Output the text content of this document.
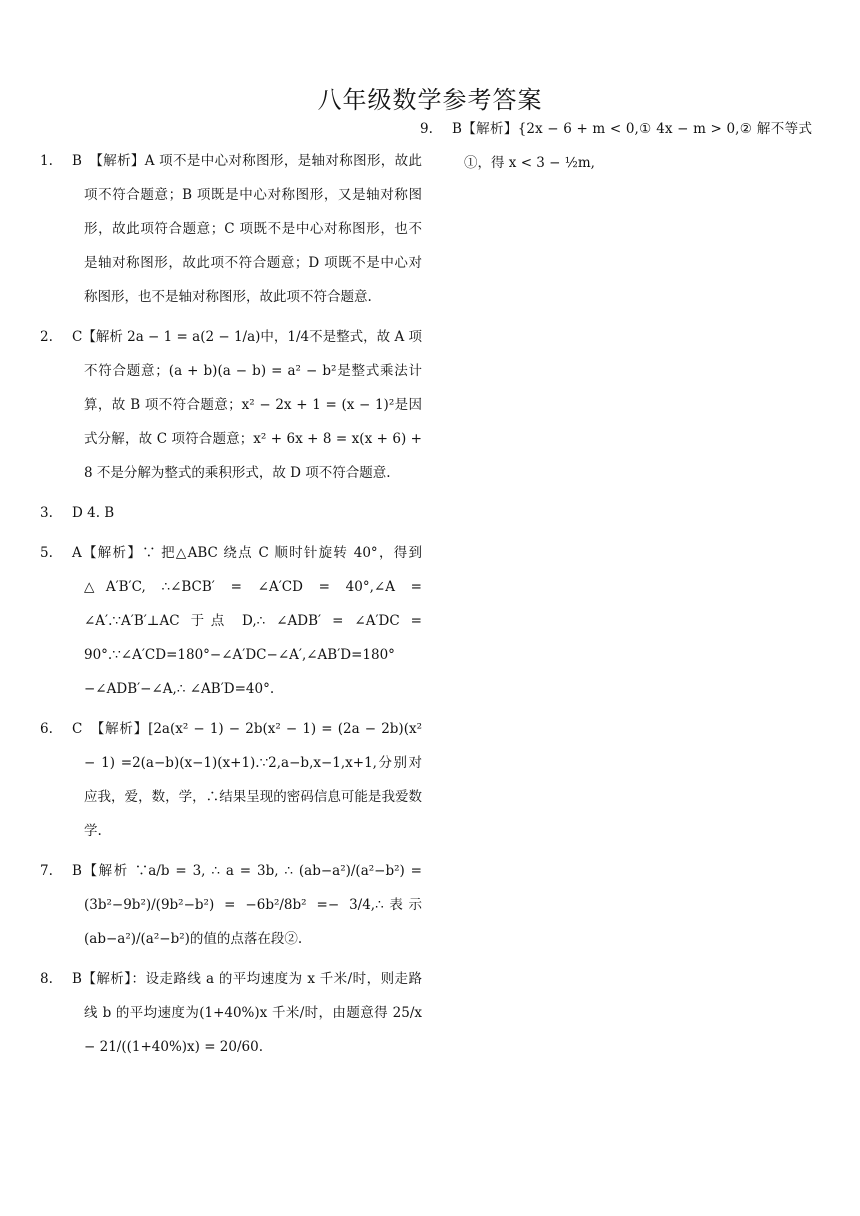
八年级数学参考答案

1. B　【解析】A 项不是中心对称图形，是轴对称图形，故此项不符合题意；B 项既是中心对称图形，又是轴对称图形，故此项符合题意；C 项既不是中心对称图形，也不是轴对称图形，故此项不符合题意；D 项既不是中心对称图形，也不是轴对称图形，故此项不符合题意.

2. C【解析 2a − 1 = a(2 − 1/a)中，1/4不是整式，故 A 项不符合题意；(a + b)(a − b) = a² − b²是整式乘法计算，故 B 项不符合题意；x² − 2x + 1 = (x − 1)²是因式分解，故 C 项符合题意；x² + 6x + 8 = x(x + 6) + 8 不是分解为整式的乘积形式，故 D 项不符合题意.

3. D 4. B

5. A【解析】∵ 把△ABC 绕点 C 顺时针旋转 40°，得到 △A′B′C, ∴∠BCB′ = ∠A′CD = 40°,∠A = ∠A′.∵A′B′⊥AC 于点 D,∴ ∠ADB′ = ∠A′DC = 90°.∵∠A′CD=180°−∠A′DC−∠A′,∠AB′D=180°−∠ADB′−∠A,∴ ∠AB′D=40°.

6. C　【解析】[2a(x² − 1) − 2b(x² − 1) = (2a − 2b)(x² − 1) =2(a−b)(x−1)(x+1).∵2,a−b,x−1,x+1,分别对应我，爱，数，学，∴结果呈现的密码信息可能是我爱数学.

7. B【解析 ∵a/b = 3, ∴ a = 3b, ∴ (ab−a²)/(a²−b²) = (3b²−9b²)/(9b²−b²) = −6b²/8b² =− 3/4,∴表示 (ab−a²)/(a²−b²)的值的点落在段②.

8. B【解析】：设走路线 a 的平均速度为 x 千米/时，则走路线 b 的平均速度为(1+40%)x 千米/时，由题意得 25/x − 21/((1+40%)x) = 20/60.

9. B【解析】{2x − 6 + m < 0,① 4x − m > 0,② 解不等式①，得 x < 3 − ½m,
